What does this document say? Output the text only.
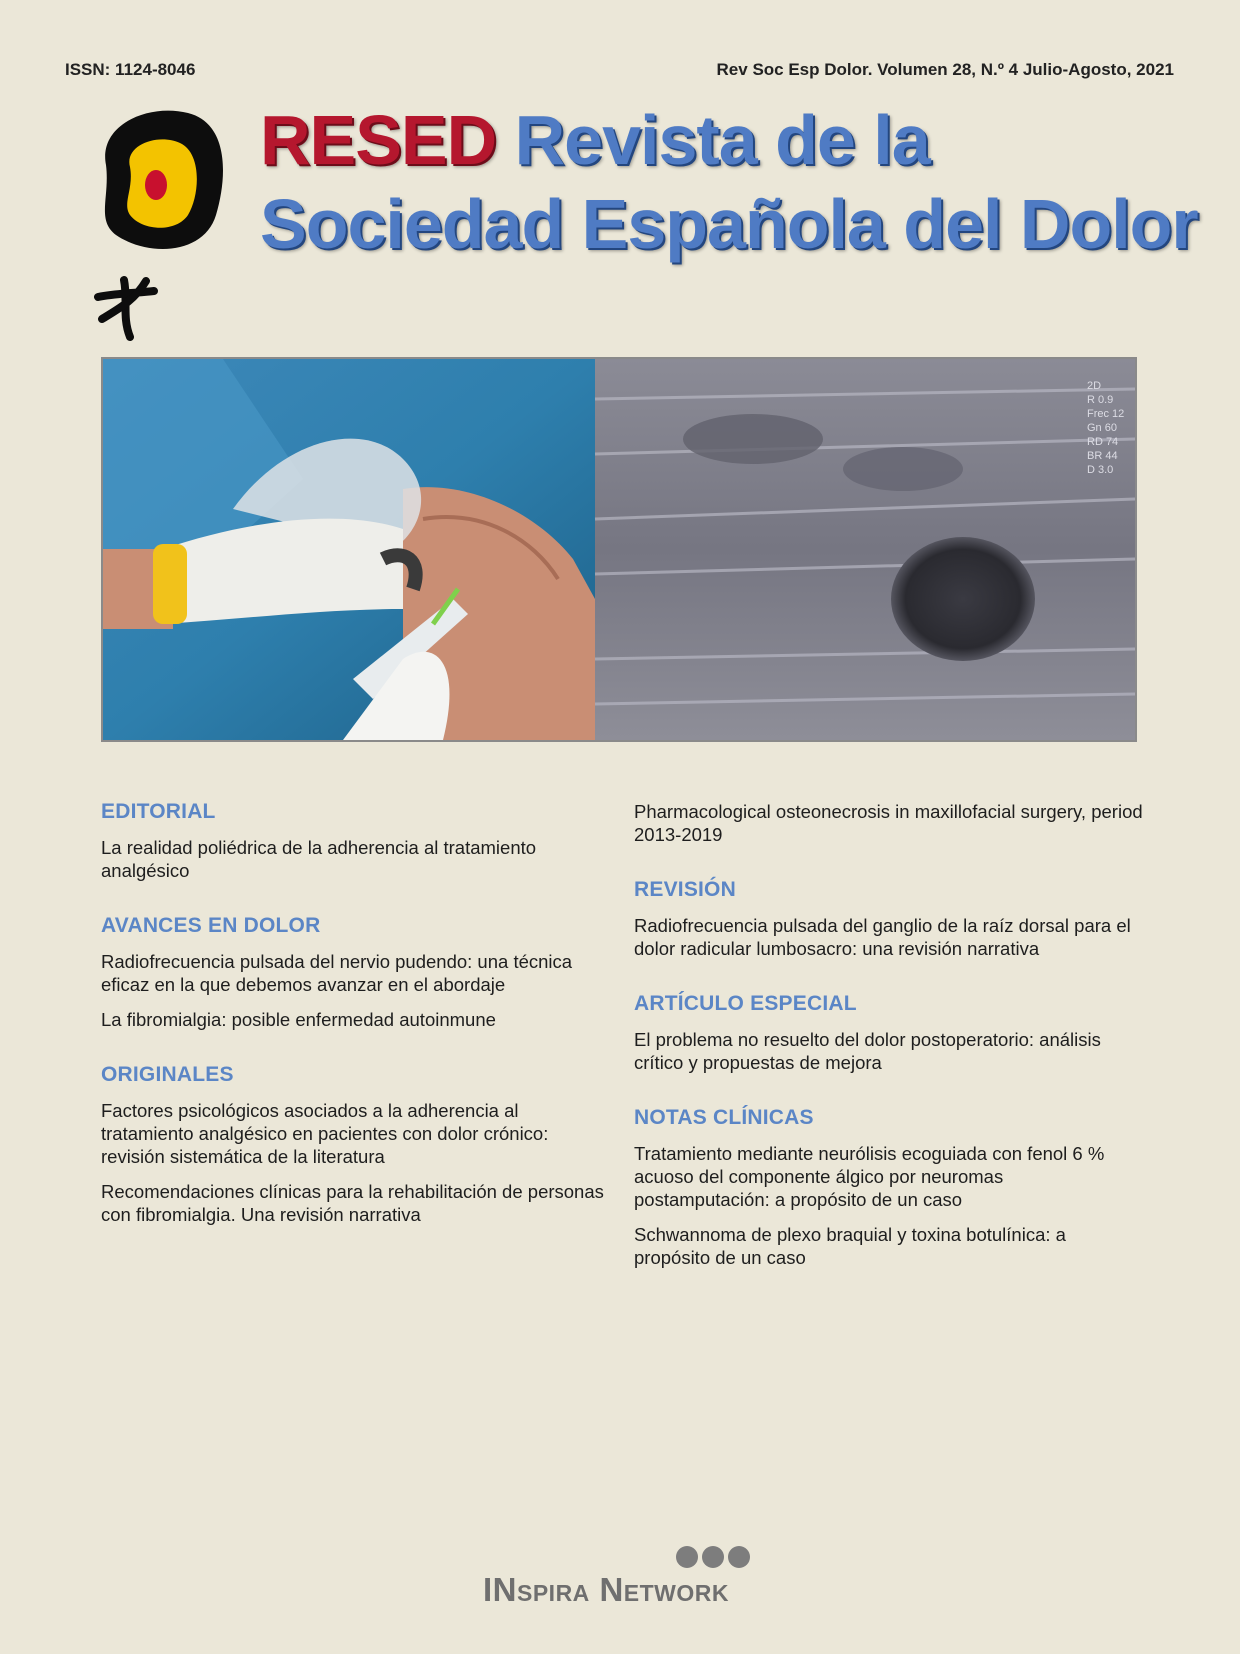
ISSN: 1124-8046	Rev Soc Esp Dolor. Volumen 28, N.º 4 Julio-Agosto, 2021
RESED Revista de la
Sociedad Española del Dolor
2D
R 0.9
Frec 12
Gn 60
RD 74
BR 44
D 3.0
EDITORIAL
La realidad poliédrica de la adherencia al tratamiento analgésico
AVANCES EN DOLOR
Radiofrecuencia pulsada del nervio pudendo: una técnica eficaz en la que debemos avanzar en el abordaje
La fibromialgia: posible enfermedad autoinmune
ORIGINALES
Factores psicológicos asociados a la adherencia al tratamiento analgésico en pacientes con dolor crónico: revisión sistemática de la literatura
Recomendaciones clínicas para la rehabilitación de personas con fibromialgia. Una revisión narrativa
Pharmacological osteonecrosis in maxillofacial surgery, period 2013-2019
REVISIÓN
Radiofrecuencia pulsada del ganglio de la raíz dorsal para el dolor radicular lumbosacro: una revisión narrativa
ARTÍCULO ESPECIAL
El problema no resuelto del dolor postoperatorio: análisis crítico y propuestas de mejora
NOTAS CLÍNICAS
Tratamiento mediante neurólisis ecoguiada con fenol 6 % acuoso del componente álgico por neuromas postamputación: a propósito de un caso
Schwannoma de plexo braquial y toxina botulínica: a propósito de un caso
INspira Network
